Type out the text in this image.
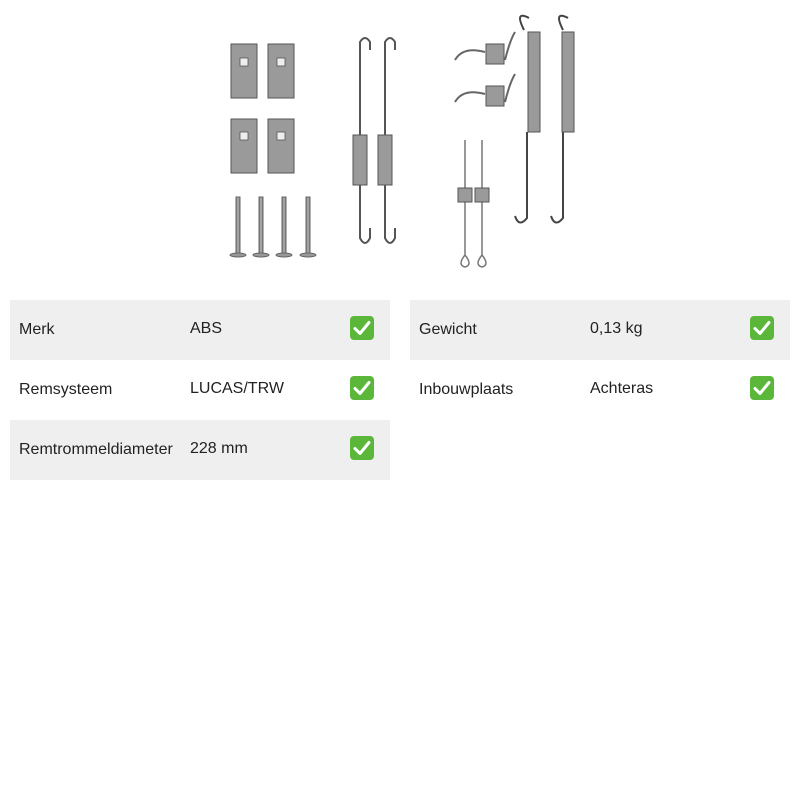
Merk	ABS
Remsysteem	LUCAS/TRW
Remtrommeldiameter 228 mm
Gewicht	0,13 kg
Inbouwplaats	Achteras
